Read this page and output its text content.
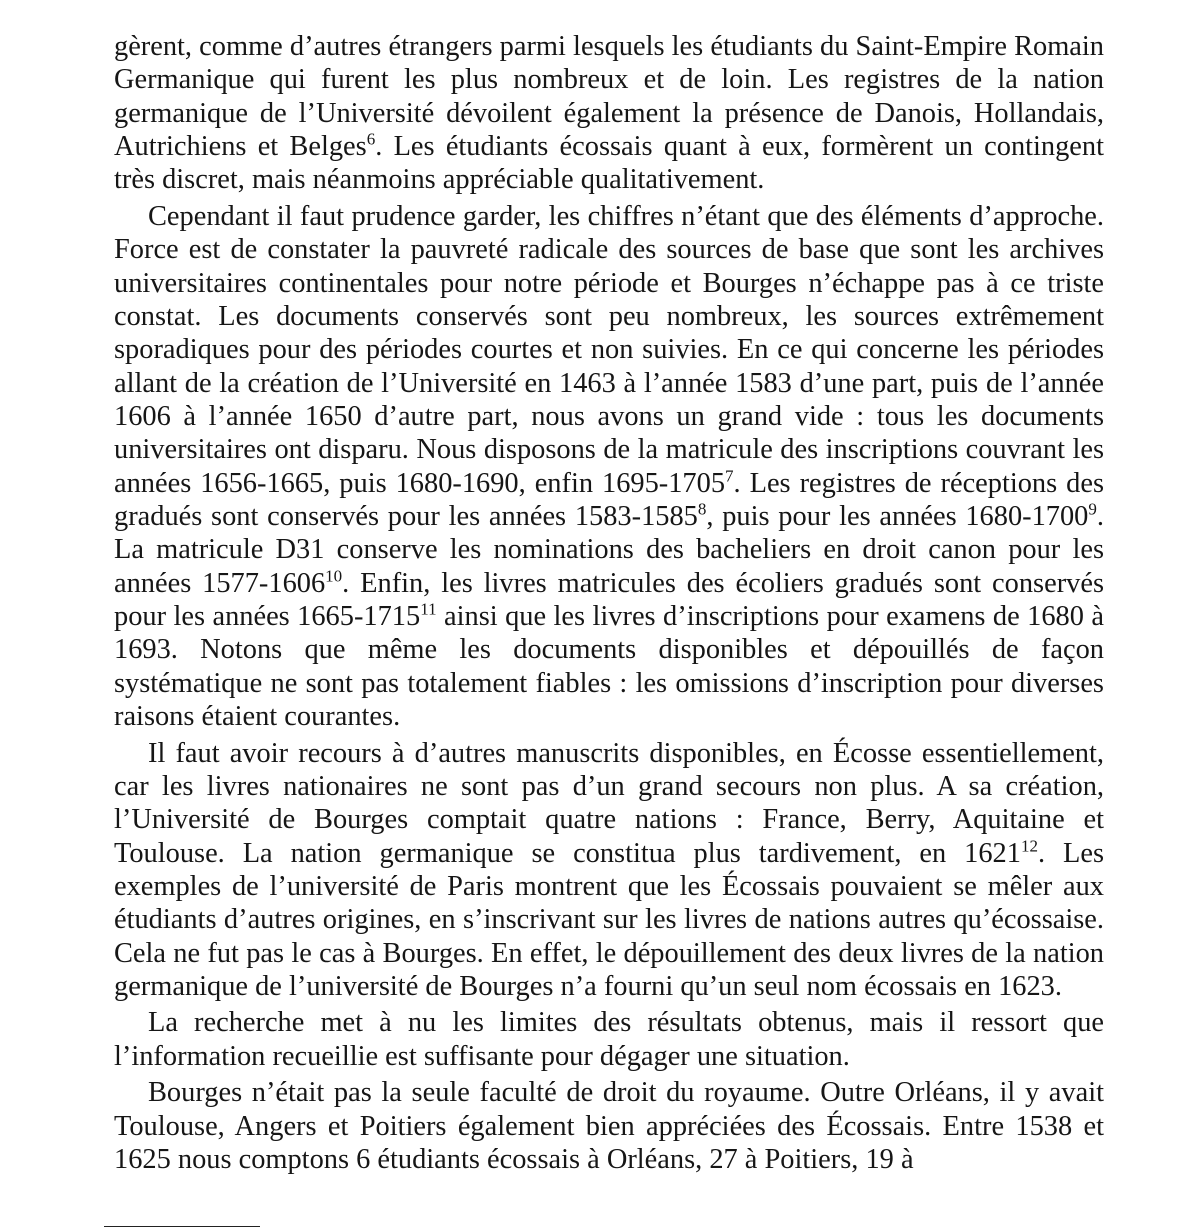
gèrent, comme d’autres étrangers parmi lesquels les étudiants du Saint-Empire Romain Germanique qui furent les plus nombreux et de loin. Les registres de la nation germanique de l’Université dévoilent également la présence de Danois, Hollandais, Autrichiens et Belges$^6$. Les étudiants écossais quant à eux, formèrent un contingent très discret, mais néanmoins appréciable qualitativement.

Cependant il faut prudence garder, les chiffres n’étant que des éléments d’approche. Force est de constater la pauvreté radicale des sources de base que sont les archives universitaires continentales pour notre période et Bourges n’échappe pas à ce triste constat. Les documents conservés sont peu nombreux, les sources extrêmement sporadiques pour des périodes courtes et non suivies. En ce qui concerne les périodes allant de la création de l’Université en 1463 à l’année 1583 d’une part, puis de l’année 1606 à l’année 1650 d’autre part, nous avons un grand vide : tous les documents universitaires ont disparu. Nous disposons de la matricule des inscriptions couvrant les années 1656-1665, puis 1680-1690, enfin 1695-1705$^7$. Les registres de réceptions des gradués sont conservés pour les années 1583-1585$^8$, puis pour les années 1680-1700$^9$. La matricule D31 conserve les nominations des bacheliers en droit canon pour les années 1577-1606$^{10}$. Enfin, les livres matricules des écoliers gradués sont conservés pour les années 1665-1715$^{11}$ ainsi que les livres d’inscriptions pour examens de 1680 à 1693. Notons que même les documents disponibles et dépouillés de façon systématique ne sont pas totalement fiables : les omissions d’inscription pour diverses raisons étaient courantes.

Il faut avoir recours à d’autres manuscrits disponibles, en Écosse essentiellement, car les livres nationaires ne sont pas d’un grand secours non plus. A sa création, l’Université de Bourges comptait quatre nations : France, Berry, Aquitaine et Toulouse. La nation germanique se constitua plus tardivement, en 1621$^{12}$. Les exemples de l’université de Paris montrent que les Écossais pouvaient se mêler aux étudiants d’autres origines, en s’inscrivant sur les livres de nations autres qu’écossaise. Cela ne fut pas le cas à Bourges. En effet, le dépouillement des deux livres de la nation germanique de l’université de Bourges n’a fourni qu’un seul nom écossais en 1623.

La recherche met à nu les limites des résultats obtenus, mais il ressort que l’information recueillie est suffisante pour dégager une situation.

Bourges n’était pas la seule faculté de droit du royaume. Outre Orléans, il y avait Toulouse, Angers et Poitiers également bien appréciées des Écossais. Entre 1538 et 1625 nous comptons 6 étudiants écossais à Orléans, 27 à Poitiers, 19 à
